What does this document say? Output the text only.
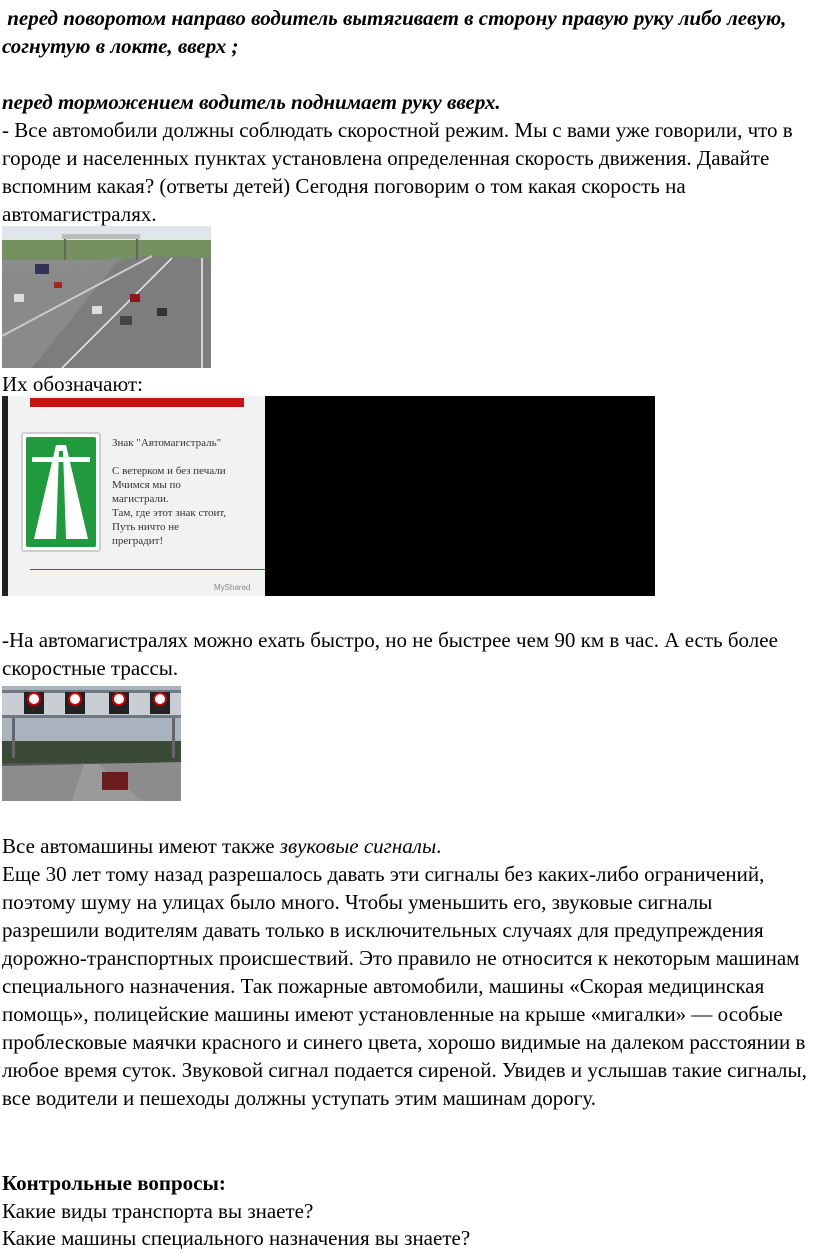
перед поворотом направо водитель вытягивает в сторону правую руку либо левую, согнутую в локте, вверх ;

перед торможением водитель поднимает руку вверх.

- Все автомобили должны соблюдать скоростной режим. Мы с вами уже говорили, что в городе и населенных пунктах установлена определенная скорость движения. Давайте вспомним какая? (ответы детей) Сегодня поговорим о том какая скорость на автомагистралях.

Их обозначают:

Знак "Автомагистраль"
С ветерком и без печали
Мчимся мы по
магистрали.
Там, где этот знак стоит,
Путь ничто не
преградит!
MyShared

-На автомагистралях можно ехать быстро, но не быстрее чем 90 км в час. А есть более скоростные трассы.

Все автомашины имеют также звуковые сигналы.

Еще 30 лет тому назад разрешалось давать эти сигналы без каких-либо ограничений, поэтому шуму на улицах было много. Чтобы уменьшить его, звуковые сигналы разрешили водителям давать только в исключительных случаях для предупреждения дорожно-транспортных происшествий. Это правило не относится к некоторым машинам специального назначения. Так пожарные автомобили, машины «Скорая медицинская помощь», полицейские машины имеют установленные на крыше «мигалки» — особые проблесковые маячки красного и синего цвета, хорошо видимые на далеком расстоянии в любое время суток. Звуковой сигнал подается сиреной. Увидев и услышав такие сигналы, все водители и пешеходы должны уступать этим машинам дорогу.

Контрольные вопросы:

Какие виды транспорта вы знаете?

Какие машины специального назначения вы знаете?
